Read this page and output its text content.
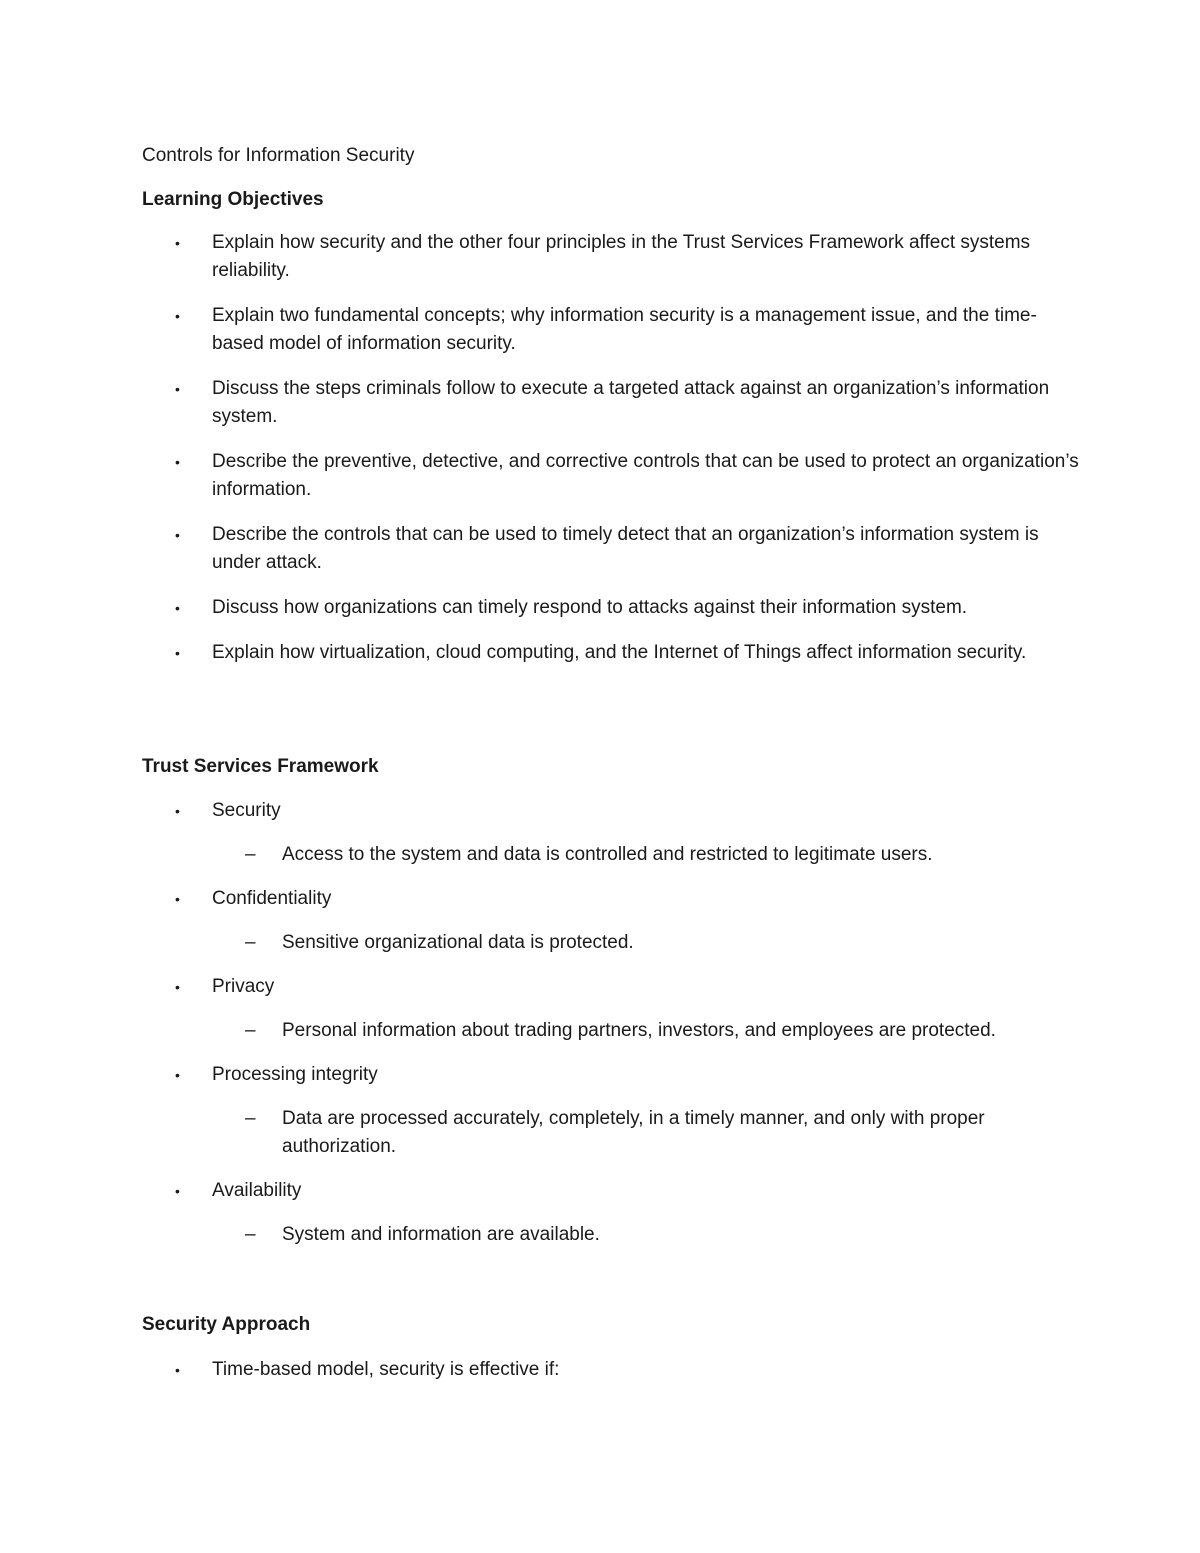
Controls for Information Security
Learning Objectives
• Explain how security and the other four principles in the Trust Services Framework affect systems reliability.
• Explain two fundamental concepts; why information security is a management issue, and the time-based model of information security.
• Discuss the steps criminals follow to execute a targeted attack against an organization’s information system.
• Describe the preventive, detective, and corrective controls that can be used to protect an organization’s information.
• Describe the controls that can be used to timely detect that an organization’s information system is under attack.
• Discuss how organizations can timely respond to attacks against their information system.
• Explain how virtualization, cloud computing, and the Internet of Things affect information security.
Trust Services Framework
• Security
– Access to the system and data is controlled and restricted to legitimate users.
• Confidentiality
– Sensitive organizational data is protected.
• Privacy
– Personal information about trading partners, investors, and employees are protected.
• Processing integrity
– Data are processed accurately, completely, in a timely manner, and only with proper authorization.
• Availability
– System and information are available.
Security Approach
• Time-based model, security is effective if:
